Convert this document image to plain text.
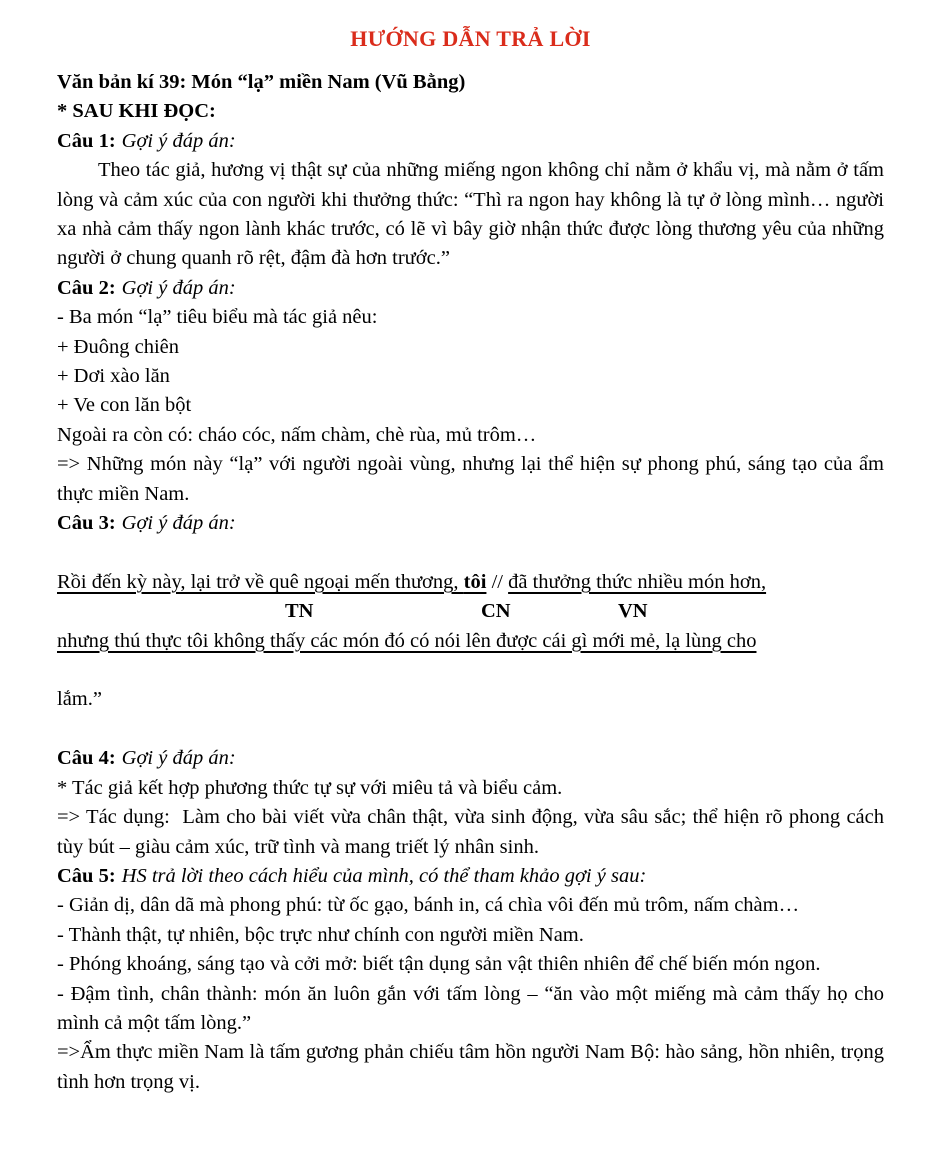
HƯỚNG DẪN TRẢ LỜI

Văn bản kí 39: Món “lạ” miền Nam (Vũ Bằng)

* SAU KHI ĐỌC:

Câu 1: Gợi ý đáp án:

Theo tác giả, hương vị thật sự của những miếng ngon không chỉ nằm ở khẩu vị, mà nằm ở tấm lòng và cảm xúc của con người khi thưởng thức: “Thì ra ngon hay không là tự ở lòng mình… người xa nhà cảm thấy ngon lành khác trước, có lẽ vì bây giờ nhận thức được lòng thương yêu của những người ở chung quanh rõ rệt, đậm đà hơn trước.”

Câu 2: Gợi ý đáp án:

- Ba món “lạ” tiêu biểu mà tác giả nêu:

+ Đuông chiên

+ Dơi xào lăn

+ Ve con lăn bột

Ngoài ra còn có: cháo cóc, nấm chàm, chè rùa, mủ trôm…

=> Những món này “lạ” với người ngoài vùng, nhưng lại thể hiện sự phong phú, sáng tạo của ẩm thực miền Nam.

Câu 3: Gợi ý đáp án:

Rồi đến kỳ này, lại trở về quê ngoại mến thương, tôi // đã thưởng thức nhiều món hơn,

TN	CN	VN

nhưng thú thực tôi không thấy các món đó có nói lên được cái gì mới mẻ, lạ lùng cho

lắm.”

Câu 4: Gợi ý đáp án:

* Tác giả kết hợp phương thức tự sự với miêu tả và biểu cảm.

=> Tác dụng:  Làm cho bài viết vừa chân thật, vừa sinh động, vừa sâu sắc; thể hiện rõ phong cách tùy bút – giàu cảm xúc, trữ tình và mang triết lý nhân sinh.

Câu 5: HS trả lời theo cách hiểu của mình, có thể tham khảo gợi ý sau:

- Giản dị, dân dã mà phong phú: từ ốc gạo, bánh in, cá chìa vôi đến mủ trôm, nấm chàm…

- Thành thật, tự nhiên, bộc trực như chính con người miền Nam.

- Phóng khoáng, sáng tạo và cởi mở: biết tận dụng sản vật thiên nhiên để chế biến món ngon.

- Đậm tình, chân thành: món ăn luôn gắn với tấm lòng – “ăn vào một miếng mà cảm thấy họ cho mình cả một tấm lòng.”

=>Ẩm thực miền Nam là tấm gương phản chiếu tâm hồn người Nam Bộ: hào sảng, hồn nhiên, trọng tình hơn trọng vị.
